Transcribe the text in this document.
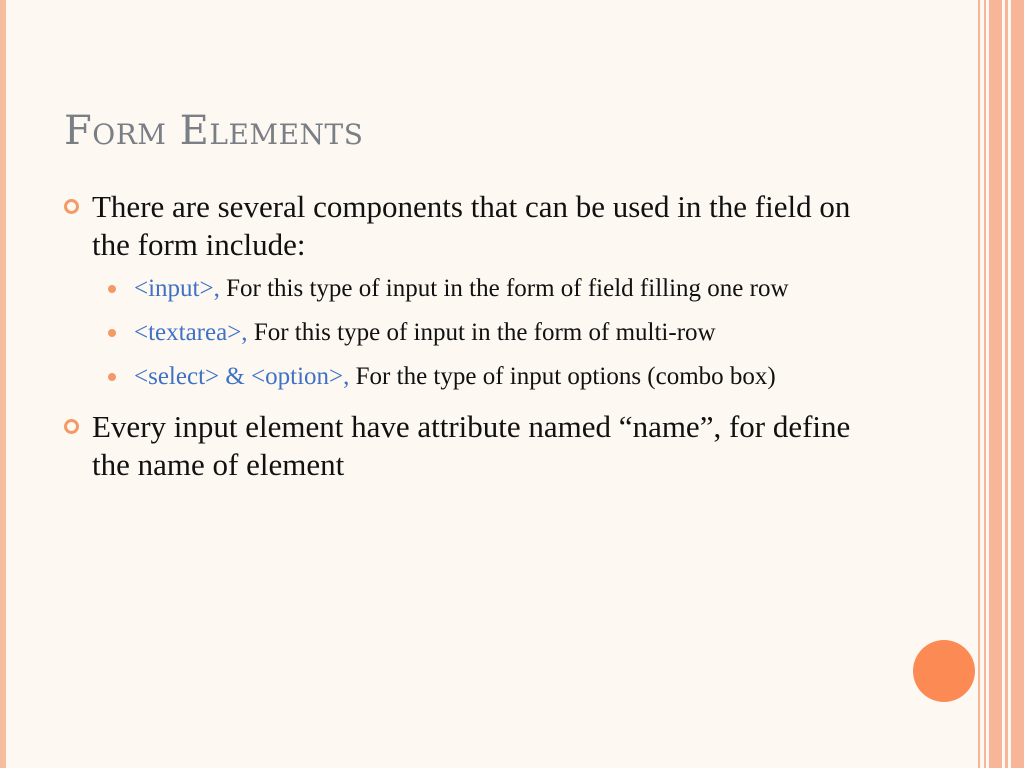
Form Elements
There are several components that can be used in the field on the form include:
<input>, For this type of input in the form of field filling one row
<textarea>, For this type of input in the form of multi-row
<select> & <option>, For the type of input options (combo box)
Every input element have attribute named “name”, for define the name of element
